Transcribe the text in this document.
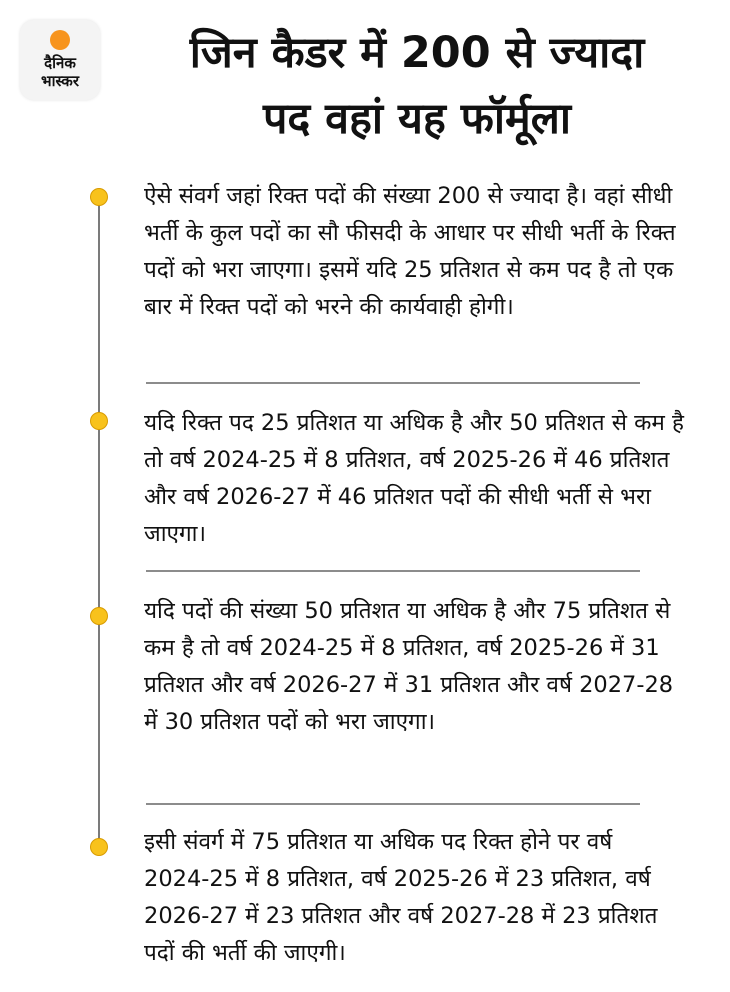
दैनिक
भास्कर
जिन कैडर में 200 से ज्यादा
पद वहां यह फॉर्मूला

ऐसे संवर्ग जहां रिक्त पदों की संख्या 200 से ज्यादा है। वहां सीधी भर्ती के कुल पदों का सौ फीसदी के आधार पर सीधी भर्ती के रिक्त पदों को भरा जाएगा। इसमें यदि 25 प्रतिशत से कम पद है तो एक बार में रिक्त पदों को भरने की कार्यवाही होगी।

यदि रिक्त पद 25 प्रतिशत या अधिक है और 50 प्रतिशत से कम है तो वर्ष 2024-25 में 8 प्रतिशत, वर्ष 2025-26 में 46 प्रतिशत और वर्ष 2026-27 में 46 प्रतिशत पदों की सीधी भर्ती से भरा जाएगा।

यदि पदों की संख्या 50 प्रतिशत या अधिक है और 75 प्रतिशत से कम है तो वर्ष 2024-25 में 8 प्रतिशत, वर्ष 2025-26 में 31 प्रतिशत और वर्ष 2026-27 में 31 प्रतिशत और वर्ष 2027-28 में 30 प्रतिशत पदों को भरा जाएगा।

इसी संवर्ग में 75 प्रतिशत या अधिक पद रिक्त होने पर वर्ष 2024-25 में 8 प्रतिशत, वर्ष 2025-26 में 23 प्रतिशत, वर्ष 2026-27 में 23 प्रतिशत और वर्ष 2027-28 में 23 प्रतिशत पदों की भर्ती की जाएगी।
